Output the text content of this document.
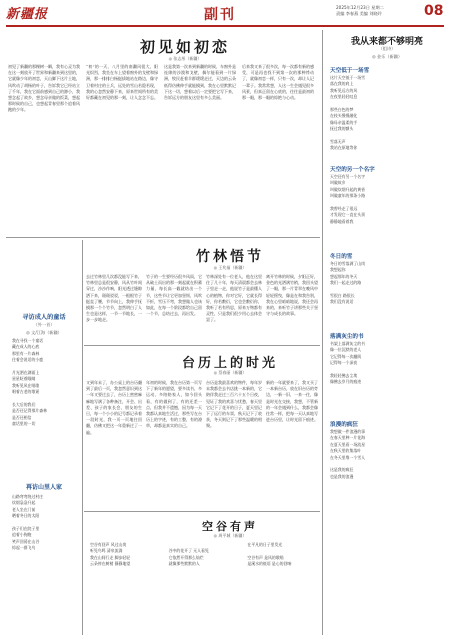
新疆报	副刊	2025年12月23日 星期二
责编 李春燕 美编 刘晓玲	08
初见如初恋
◎ 张志彤（新疆）
初见了新疆的那棵树一瞬，我有心灵为我在这一刻放开了世界和新疆来到这里的，它就像少年的初恋，天山脚下这片土地，风吹动了胡杨的叶子，告诉我它已经站立了千年，我在它面前感到自己的渺小，我想念起了故乡，想念母亲做的饭菜，想起那时候的自己，也想起青春里那个追着风跑的少年。
“初”的一天，八月里的南疆风很大，阳光炽烈，我坐在车上望着窗外的戈壁和绿洲，那一排排白杨挺拔地站在路边，像守卫着村庄的士兵，远处的雪山若隐若现，我的心忽然安静下来，原来世间所有的美好都藏在初见的那一刻，让人念念不忘。
这是我第一次来到新疆的时候，车窗外是连绵的沙漠和戈壁，偶尔能看到一片绿洲，牧民赶着羊群缓缓走过，天边的云朵低得仿佛伸手就能摸到，我在心里默默记下这一切，想着以后一定要把它写下来，告诉远方的朋友这里有多么美丽。
后来我又来了很多次，每一次都有新的感受，可是再也找不到第一次的那种悸动了，就像初恋一样，只有一次，却让人记一辈子。我常常想，人这一生会遇见很多风景，但真正留在心底的，往往是最初的那一眼，那一眼的惊艳与心动。
竹林悟节
◎ 王兆福（新疆）
去过竹林里几次都没能写下来，竹林里总是很安静，风从竹叶间穿过，沙沙作响，阳光透过缝隙洒下来，斑斑驳驳，一根根竹子挺直了腰，节节向上，我伸手抚摸那一个个竹节，忽然明白了人生也是这样，一节一节地长，一步一步地走。
竹子的一生要经历很多风雨，它从破土而出的那一刻起就在积蓄力量，每长高一截就结出一个节，这些节让它更加坚韧，风吹不折，雪压不弯，我想做人也该如此，在每一个阶段都给自己留一个节，总结过去，再出发。
竹林深处有一位老人，他在这里住了几十年，每天清晨都会去林子里走一走，他说竹子是最懂人心的植物，你对它好，它就长得好，你若敷衍，它也会敷衍你，我听了若有所思，原来万物都有灵性，只是我们很少用心去体会罢了。
离开竹林的时候，夕阳正好，金色的光洒满竹梢，我回头望了一眼，那一片青翠在晚风中轻轻摇曳，像是在和我告别，我在心里暗暗地说，我还会再来的，来听竹子讲那些关于坚守与成长的故事。
寻访成人的童话
（外一首）
◎ 文/江海（新疆）
我在寻找一个童话
藏在成人的心底
那里有一片森林
住着会说话的小鹿

月光洒在湖面上
星星眨着眼睛
我听见风在唱歌
唱着古老的歌谣

长大后的我们
是否还记得那片森林
是否还相信
童话里的一切
再访山里人家
山路弯弯绕过村庄
炊烟袅袅升起
老人坐在门前
晒着冬日的太阳

孩子们在院子里
追着小狗跑
笑声回荡在山谷
惊起一群飞鸟
台历上的时光
◎ 蔡春丽（新疆）
又到年末了，办公桌上的台历翻到了最后一页，我忽然意识到这一年又要过去了，台历上密密麻麻地写满了各种备注，开会、出差、孩子的家长会、朋友的生日，每一个小小的记号都记录着一段时光，我一页一页地往回翻，仿佛又把这一年重新过了一遍。
年初的时候，我在台历第一页写下了新年的愿望，要多读书、多运动、多陪陪家人，如今回头看，有的做到了，有的还差一点，但我并不遗憾，因为每一天我都认真地生活过，那些写在台历上的字迹，有的工整，有的潦草，却都是真实的自己。
台历是我最喜欢的物件，每年岁末我都会去书店挑一本新的，它陪伴我走过三百六十五个日夜，见证了我的欢喜与忧愁，春天里它记下了花开的日子，夏天里记下了远行的车票，秋天记下了收获，冬天则记下了那些温暖的相聚。
新的一年就要来了，我又买了一本新台历，放在旧台历的旁边，一新一旧，一来一往，像是时光在交接，我想，不管新的一年会遇到什么，我都会像往常一样，把每一天认真地写进台历里，让时光留下痕迹。
空谷有声
◎ 周平城（新疆）
空谷有回声 风过山岗
听见鸟鸣 清泉流淌
我在山间行走 脚步轻轻
云朵停在树梢 静静地望

谷中的花开了 无人看见
它依然开得那么灿烂
就像那些默默的人
在平凡的日子里发光

空谷有声 是风的歌唱
是溪水的低语 是心的回响
我从来都不够明亮
（组诗）
◎ 金乐（新疆）
天空低于一场雪
这片天空低于一场雪
落在我的肩上
我听见远方的风
在夜里轻轻叹息

那些白色的梦
在枝头慢慢融化
像母亲温柔的手
抚过我的额头

雪落无声
我站在原地等你
天空的另一个名字
天空还有另一个名字
叫做故乡
叫做炊烟升起的黄昏
叫做童年的那条小路

我曾经走了很远
才发现它一直在头顶
静静地看着我
冬日的雪
冬日的雪落满了山岗
我想起你
想起那年的冬天
我们一起走过的路

雪很白 路很长
我们没有说话
落满灰尘的书
书架上落满灰尘的书
像一位沉默的老人
它记得每一次翻阅
记得每一个深夜

我轻轻拂去尘埃
像拂去岁月的痕迹
浪漫的疯狂
我想做一件浪漫的事
在春天里种一片花海
在夏天里看一场流星
在秋天里收集落叶
在冬天里堆一个雪人

这是我的疯狂
也是我的浪漫
